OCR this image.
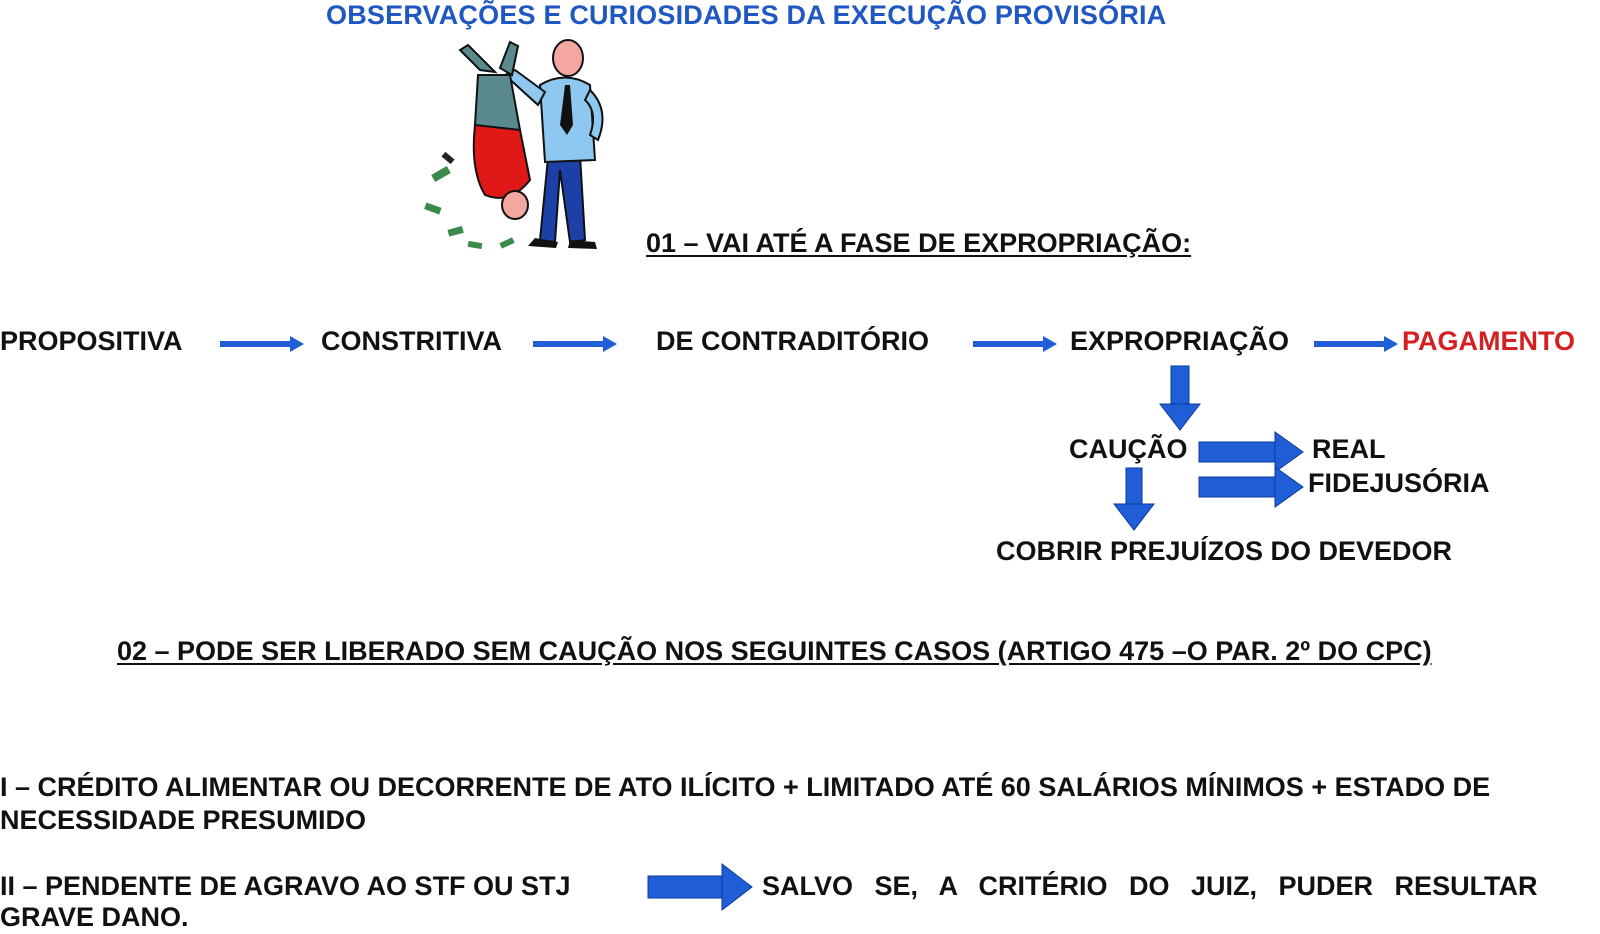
OBSERVAÇÕES E CURIOSIDADES DA EXECUÇÃO PROVISÓRIA
01 – VAI ATÉ A FASE DE EXPROPRIAÇÃO:
PROPOSITIVA	CONSTRITIVA	DE CONTRADITÓRIO	EXPROPRIAÇÃO	PAGAMENTO
CAUÇÃO	REAL
FIDEJUSÓRIA
COBRIR PREJUÍZOS DO DEVEDOR
02 – PODE SER LIBERADO SEM CAUÇÃO NOS SEGUINTES CASOS (ARTIGO 475 –O PAR. 2º DO CPC)
I – CRÉDITO ALIMENTAR OU DECORRENTE DE ATO ILÍCITO + LIMITADO ATÉ 60 SALÁRIOS MÍNIMOS + ESTADO DE
NECESSIDADE PRESUMIDO
II – PENDENTE DE AGRAVO AO STF OU STJ	SALVO SE, A CRITÉRIO DO JUIZ, PUDER RESULTAR
GRAVE DANO.
